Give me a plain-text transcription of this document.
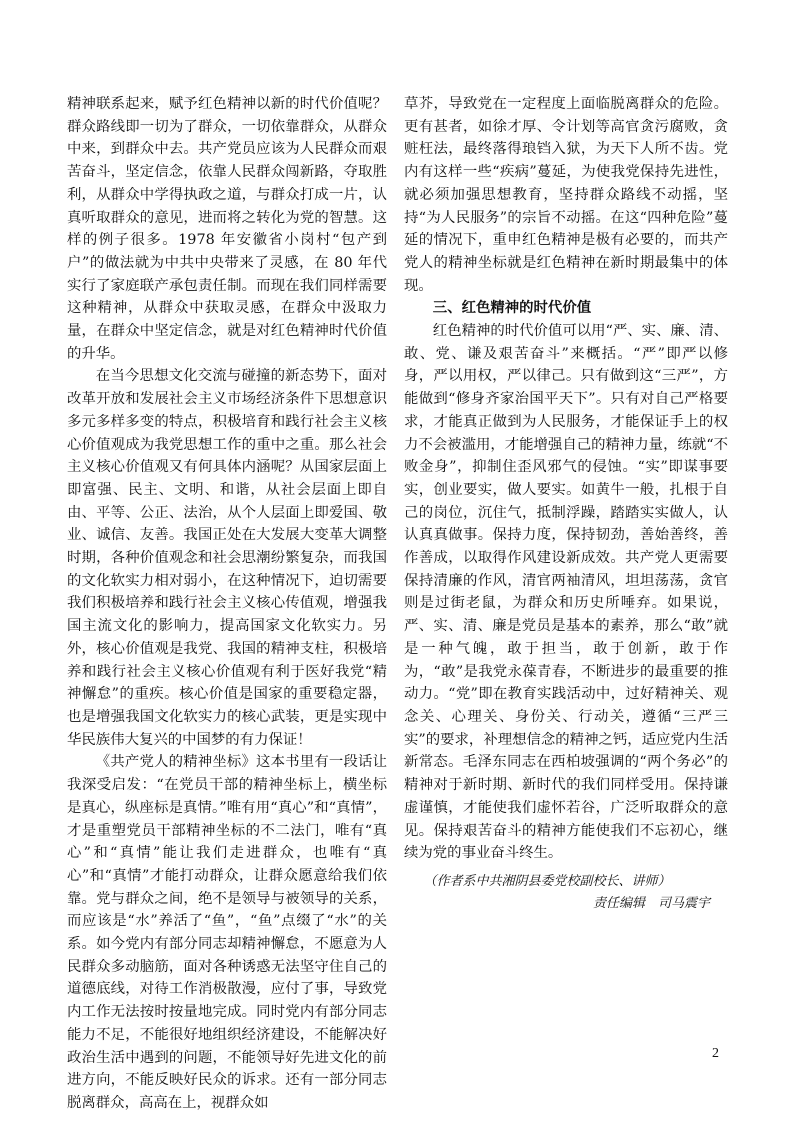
精神联系起来，赋予红色精神以新的时代价值呢？群众路线即一切为了群众，一切依靠群众，从群众中来，到群众中去。共产党员应该为人民群众而艰苦奋斗，坚定信念，依靠人民群众闯新路，夺取胜利，从群众中学得执政之道，与群众打成一片，认真听取群众的意见，进而将之转化为党的智慧。这样的例子很多。1978 年安徽省小岗村“包产到户”的做法就为中共中央带来了灵感，在 80 年代实行了家庭联产承包责任制。而现在我们同样需要这种精神，从群众中获取灵感，在群众中汲取力量，在群众中坚定信念，就是对红色精神时代价值的升华。

在当今思想文化交流与碰撞的新态势下，面对改革开放和发展社会主义市场经济条件下思想意识多元多样多变的特点，积极培育和践行社会主义核心价值观成为我党思想工作的重中之重。那么社会主义核心价值观又有何具体内涵呢？从国家层面上即富强、民主、文明、和谐，从社会层面上即自由、平等、公正、法治，从个人层面上即爱国、敬业、诚信、友善。我国正处在大发展大变革大调整时期，各种价值观念和社会思潮纷繁复杂，而我国的文化软实力相对弱小，在这种情况下，迫切需要我们积极培养和践行社会主义核心传值观，增强我国主流文化的影响力，提高国家文化软实力。另外，核心价值观是我党、我国的精神支柱，积极培养和践行社会主义核心价值观有利于医好我党“精神懈怠”的重疾。核心价值是国家的重要稳定器，也是增强我国文化软实力的核心武装，更是实现中华民族伟大复兴的中国梦的有力保证！

《共产党人的精神坐标》这本书里有一段话让我深受启发：“在党员干部的精神坐标上，横坐标是真心，纵座标是真情。”唯有用“真心”和“真情”，才是重塑党员干部精神坐标的不二法门，唯有“真心”和“真情”能让我们走进群众，也唯有“真心”和“真情”才能打动群众，让群众愿意给我们依靠。党与群众之间，绝不是领导与被领导的关系，而应该是“水”养活了“鱼”，“鱼”点缀了“水”的关系。如今党内有部分同志却精神懈怠，不愿意为人民群众多动脑筋，面对各种诱惑无法坚守住自己的道德底线，对待工作消极散漫，应付了事，导致党内工作无法按时按量地完成。同时党内有部分同志能力不足，不能很好地组织经济建设，不能解决好政治生活中遇到的问题，不能领导好先进文化的前进方向，不能反映好民众的诉求。还有一部分同志脱离群众，高高在上，视群众如

草芥，导致党在一定程度上面临脱离群众的危险。更有甚者，如徐才厚、令计划等高官贪污腐败，贪赃枉法，最终落得琅铛入狱，为天下人所不齿。党内有这样一些“疾病”蔓延，为使我党保持先进性，就必须加强思想教育，坚持群众路线不动摇，坚持“为人民服务”的宗旨不动摇。在这“四种危险”蔓延的情况下，重申红色精神是极有必要的，而共产党人的精神坐标就是红色精神在新时期最集中的体现。

三、红色精神的时代价值

红色精神的时代价值可以用“严、实、廉、清、敢、党、谦及艰苦奋斗”来概括。“严”即严以修身，严以用权，严以律己。只有做到这“三严”，方能做到“修身齐家治国平天下”。只有对自己严格要求，才能真正做到为人民服务，才能保证手上的权力不会被滥用，才能增强自己的精神力量，练就“不败金身”，抑制住歪风邪气的侵蚀。“实”即谋事要实，创业要实，做人要实。如黄牛一般，扎根于自己的岗位，沉住气，抵制浮躁，踏踏实实做人，认认真真做事。保持力度，保持韧劲，善始善终，善作善成，以取得作风建设新成效。共产党人更需要保持清廉的作风，清官两袖清风，坦坦荡荡，贪官则是过街老鼠，为群众和历史所唾弃。如果说，严、实、清、廉是党员是基本的素养，那么“敢”就是一种气魄，敢于担当，敢于创新，敢于作为，“敢”是我党永葆青春，不断进步的最重要的推动力。“党”即在教育实践活动中，过好精神关、观念关、心理关、身份关、行动关，遵循“三严三实”的要求，补理想信念的精神之钙，适应党内生活新常态。毛泽东同志在西柏坡强调的“两个务必”的精神对于新时期、新时代的我们同样受用。保持谦虚谨慎，才能使我们虚怀若谷，广泛听取群众的意见。保持艰苦奋斗的精神方能使我们不忘初心，继续为党的事业奋斗终生。

（作者系中共湘阴县委党校副校长、讲师）
责任编辑　司马震宇
2
